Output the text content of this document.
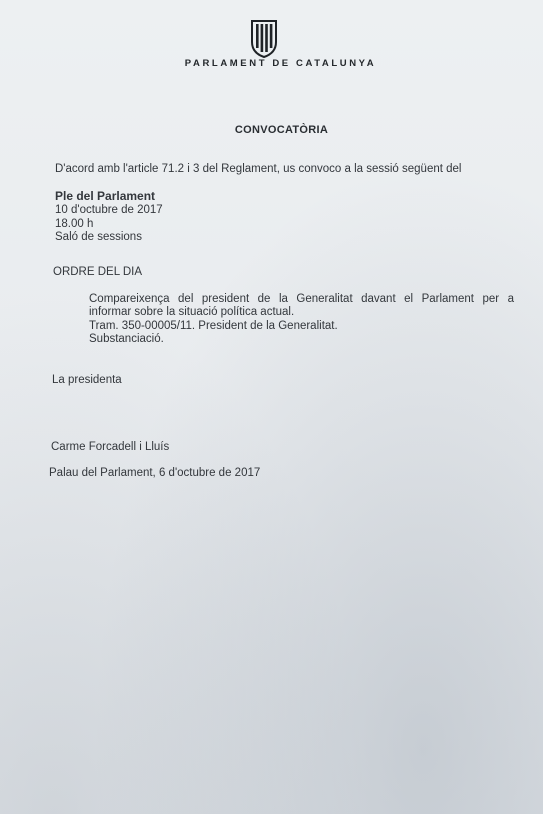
PARLAMENT DE CATALUNYA
CONVOCATÒRIA
D'acord amb l'article 71.2 i 3 del Reglament, us convoco a la sessió següent del
Ple del Parlament
10 d'octubre de 2017
18.00 h
Saló de sessions
ORDRE DEL DIA
Compareixença del president de la Generalitat davant el Parlament per a
informar sobre la situació política actual.
Tram. 350-00005/11. President de la Generalitat.
Substanciació.
La presidenta
Carme Forcadell i Lluís
Palau del Parlament, 6 d'octubre de 2017
